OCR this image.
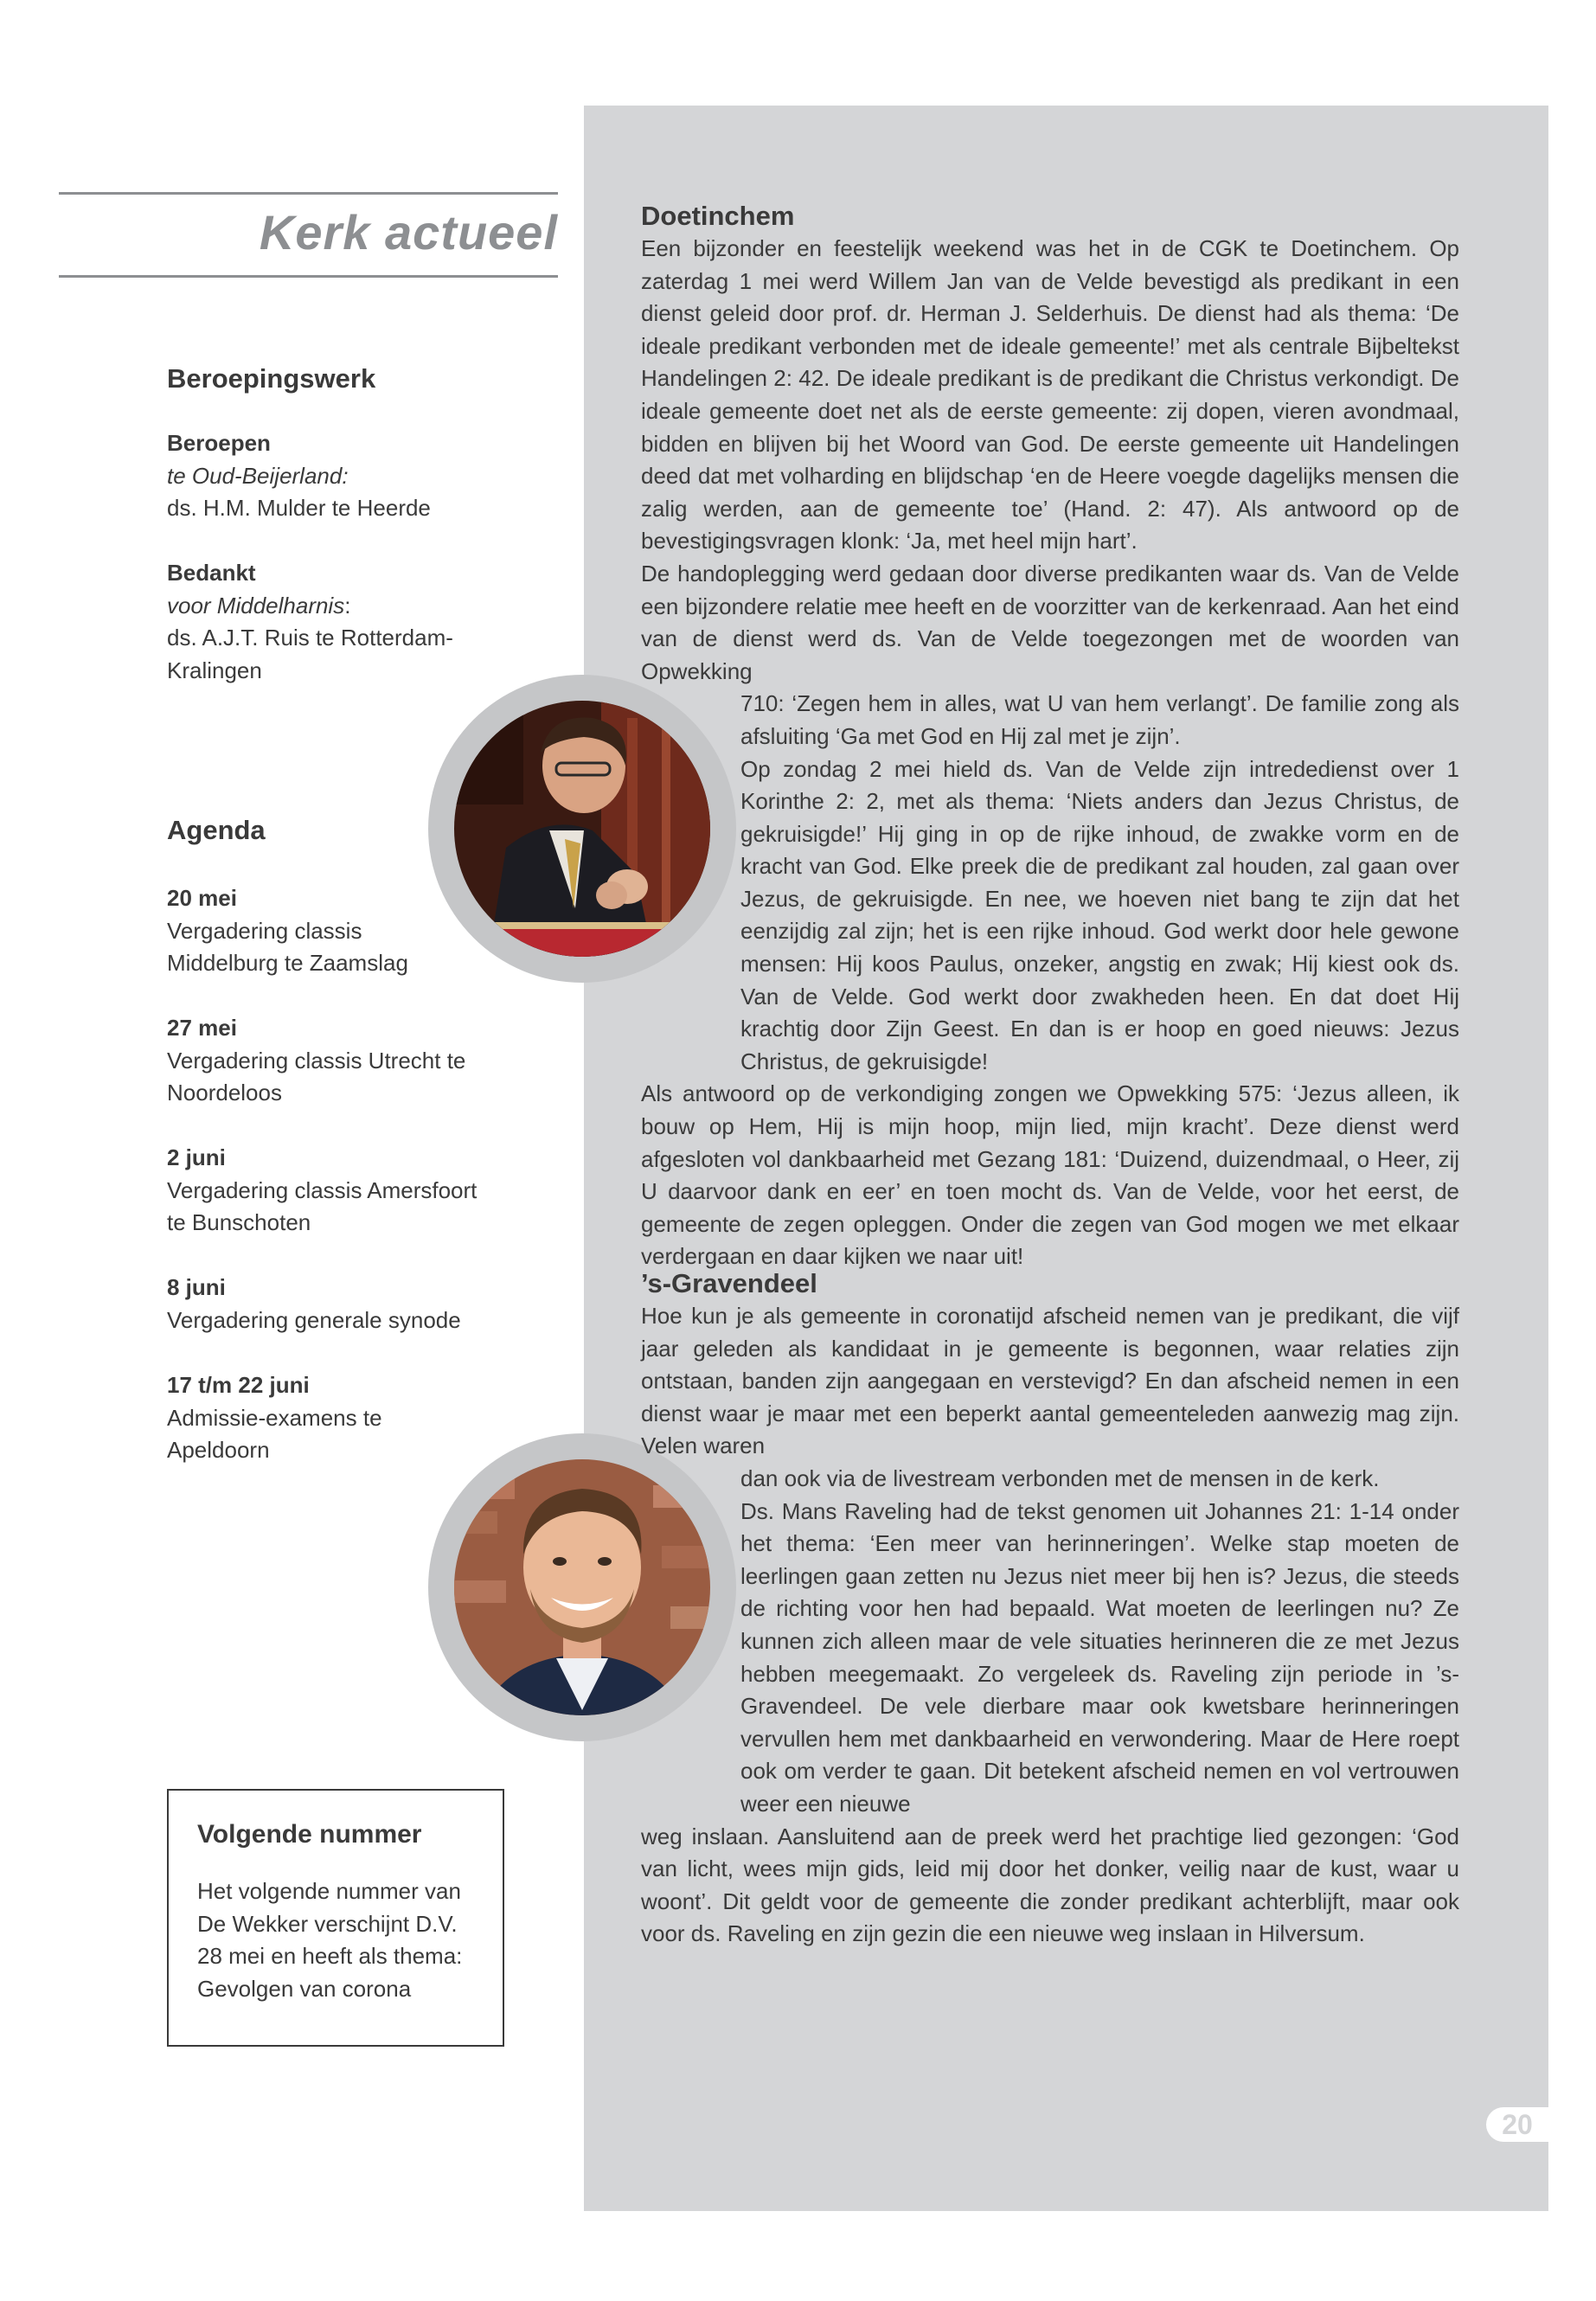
Kerk actueel
Beroepingswerk
Beroepen
te Oud-Beijerland:
ds. H.M. Mulder te Heerde
Bedankt
voor Middelharnis:
ds. A.J.T. Ruis te Rotterdam-
Kralingen
Agenda
20 mei
Vergadering classis
Middelburg te Zaamslag
27 mei
Vergadering classis Utrecht te
Noordeloos
2 juni
Vergadering classis Amersfoort
te Bunschoten
8 juni
Vergadering generale synode
17 t/m 22 juni
Admissie-examens te
Apeldoorn
Volgende nummer

Het volgende nummer van

De Wekker verschijnt D.V.

28 mei en heeft als thema:

Gevolgen van corona

Doetinchem

Een bijzonder en feestelijk weekend was het in de CGK te Doetinchem. Op zaterdag 1 mei werd Willem Jan van de Velde bevestigd als predikant in een dienst geleid door prof. dr. Herman J. Selderhuis. De dienst had als thema: ‘De ideale predikant verbonden met de ideale gemeente!’ met als centrale Bijbeltekst Handelingen 2: 42. De ideale predikant is de predikant die Christus verkondigt. De ideale gemeente doet net als de eerste gemeente: zij dopen, vieren avondmaal, bidden en blijven bij het Woord van God. De eerste gemeente uit Handelingen deed dat met volharding en blijdschap ‘en de Heere voegde dagelijks mensen die zalig werden, aan de gemeente toe’ (Hand. 2: 47). Als antwoord op de bevestigingsvragen klonk: ‘Ja, met heel mijn hart’.

De handoplegging werd gedaan door diverse predikanten waar ds. Van de Velde een bijzondere relatie mee heeft en de voorzitter van de kerkenraad. Aan het eind van de dienst werd ds. Van de Velde toegezongen met de woorden van Opwekking

710: ‘Zegen hem in alles, wat U van hem verlangt’. De familie zong als afsluiting ‘Ga met God en Hij zal met je zijn’.

Op zondag 2 mei hield ds. Van de Velde zijn intrededienst over 1 Korinthe 2: 2, met als thema: ‘Niets anders dan Jezus Christus, de gekruisigde!’ Hij ging in op de rijke inhoud, de zwakke vorm en de kracht van God. Elke preek die de predikant zal houden, zal gaan over Jezus, de gekruisigde. En nee, we hoeven niet bang te zijn dat het eenzijdig zal zijn; het is een rijke inhoud. God werkt door hele gewone mensen: Hij koos Paulus, onzeker, angstig en zwak; Hij kiest ook ds. Van de Velde. God werkt door zwakheden heen. En dat doet Hij krachtig door Zijn Geest. En dan is er hoop en goed nieuws: Jezus Christus, de gekruisigde!

Als antwoord op de verkondiging zongen we Opwekking 575: ‘Jezus alleen, ik bouw op Hem, Hij is mijn hoop, mijn lied, mijn kracht’. Deze dienst werd afgesloten vol dankbaarheid met Gezang 181: ‘Duizend, duizendmaal, o Heer, zij U daarvoor dank en eer’ en toen mocht ds. Van de Velde, voor het eerst, de gemeente de zegen opleggen. Onder die zegen van God mogen we met elkaar verdergaan en daar kijken we naar uit!

’s-Gravendeel

Hoe kun je als gemeente in coronatijd afscheid nemen van je predikant, die vijf jaar geleden als kandidaat in je gemeente is begonnen, waar relaties zijn ontstaan, banden zijn aangegaan en verstevigd? En dan afscheid nemen in een dienst waar je maar met een beperkt aantal gemeenteleden aanwezig mag zijn. Velen waren

dan ook via de livestream verbonden met de mensen in de kerk.

Ds. Mans Raveling had de tekst genomen uit Johannes 21: 1-14 onder het thema: ‘Een meer van herinneringen’. Welke stap moeten de leerlingen gaan zetten nu Jezus niet meer bij hen is? Jezus, die steeds de richting voor hen had bepaald. Wat moeten de leerlingen nu? Ze kunnen zich alleen maar de vele situaties herinneren die ze met Jezus hebben meegemaakt. Zo vergeleek ds. Raveling zijn periode in ’s-Gravendeel. De vele dierbare maar ook kwetsbare herinneringen vervullen hem met dankbaarheid en verwondering. Maar de Here roept ook om verder te gaan. Dit betekent afscheid nemen en vol vertrouwen weer een nieuwe

weg inslaan. Aansluitend aan de preek werd het prachtige lied gezongen: ‘God van licht, wees mijn gids, leid mij door het donker, veilig naar de kust, waar u woont’. Dit geldt voor de gemeente die zonder predikant achterblijft, maar ook voor ds. Raveling en zijn gezin die een nieuwe weg inslaan in Hilversum.

20
